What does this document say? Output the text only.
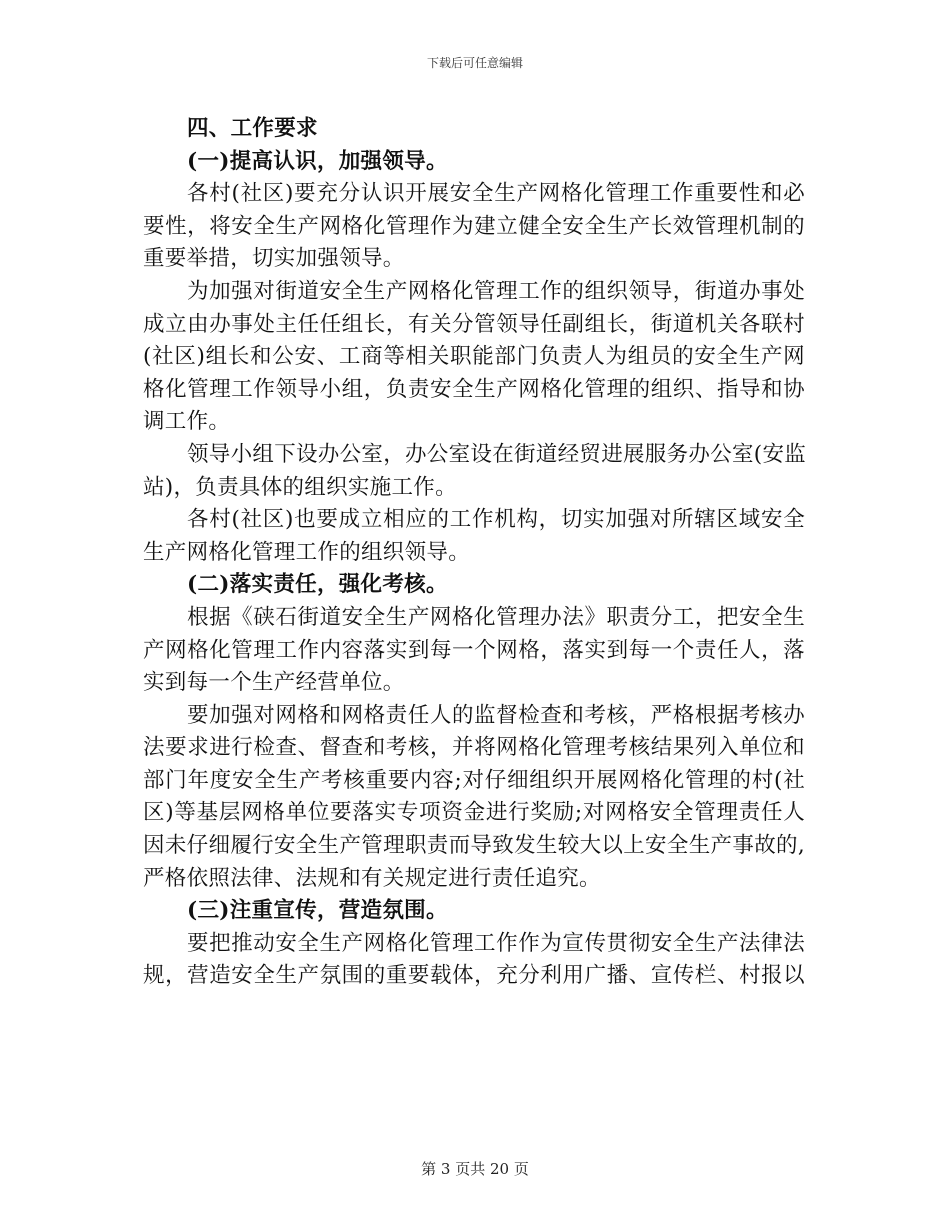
下载后可任意编辑
四、工作要求
(一)提高认识，加强领导。
各村(社区)要充分认识开展安全生产网格化管理工作重要性和必
要性，将安全生产网格化管理作为建立健全安全生产长效管理机制的
重要举措，切实加强领导。
为加强对街道安全生产网格化管理工作的组织领导，街道办事处
成立由办事处主任任组长，有关分管领导任副组长，街道机关各联村
(社区)组长和公安、工商等相关职能部门负责人为组员的安全生产网
格化管理工作领导小组，负责安全生产网格化管理的组织、指导和协
调工作。
领导小组下设办公室，办公室设在街道经贸进展服务办公室(安监
站)，负责具体的组织实施工作。
各村(社区)也要成立相应的工作机构，切实加强对所辖区域安全
生产网格化管理工作的组织领导。
(二)落实责任，强化考核。
根据《硖石街道安全生产网格化管理办法》职责分工，把安全生
产网格化管理工作内容落实到每一个网格，落实到每一个责任人，落
实到每一个生产经营单位。
要加强对网格和网格责任人的监督检查和考核，严格根据考核办
法要求进行检查、督查和考核，并将网格化管理考核结果列入单位和
部门年度安全生产考核重要内容;对仔细组织开展网格化管理的村(社
区)等基层网格单位要落实专项资金进行奖励;对网格安全管理责任人
因未仔细履行安全生产管理职责而导致发生较大以上安全生产事故的,
严格依照法律、法规和有关规定进行责任追究。
(三)注重宣传，营造氛围。
要把推动安全生产网格化管理工作作为宣传贯彻安全生产法律法
规，营造安全生产氛围的重要载体，充分利用广播、宣传栏、村报以
第 3 页共 20 页
